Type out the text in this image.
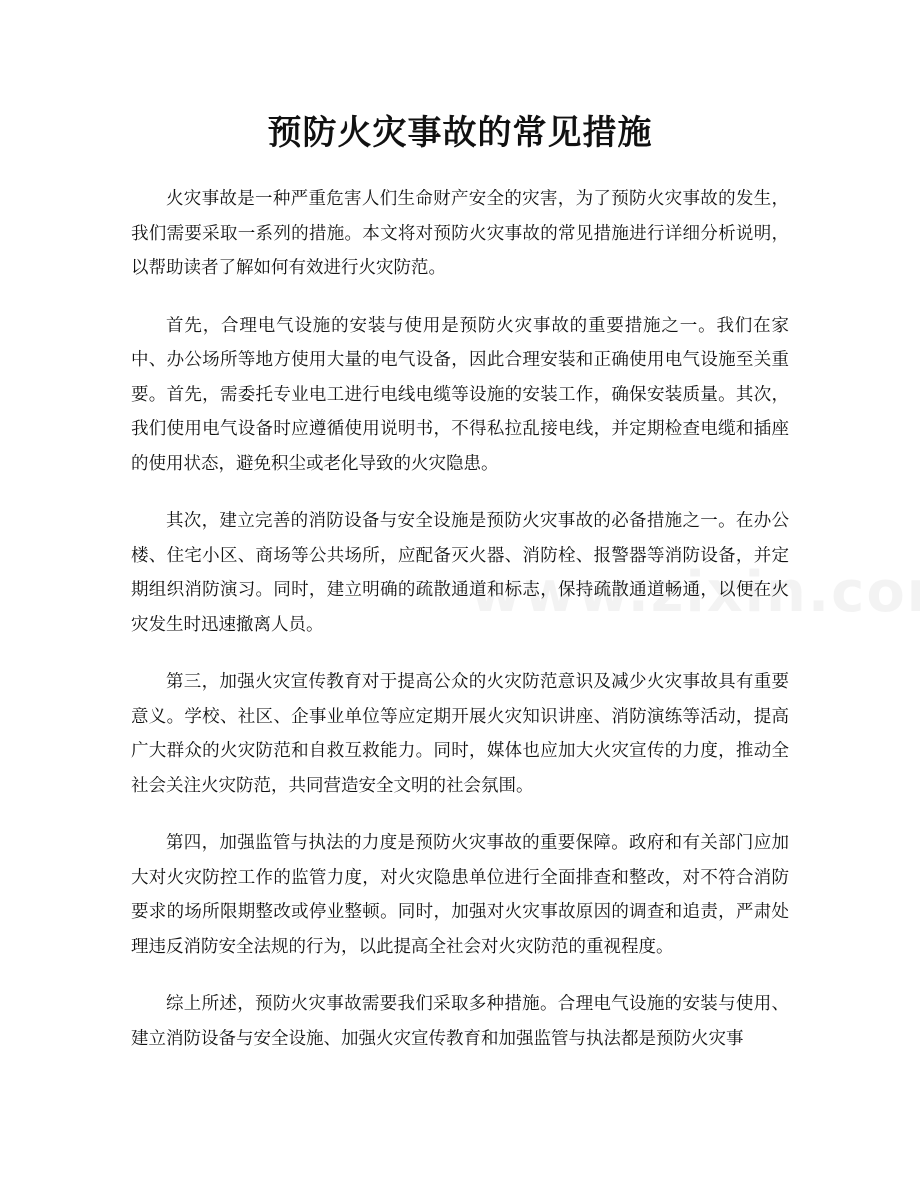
预防火灾事故的常见措施

火灾事故是一种严重危害人们生命财产安全的灾害，为了预防火灾事故的发生，我们需要采取一系列的措施。本文将对预防火灾事故的常见措施进行详细分析说明，以帮助读者了解如何有效进行火灾防范。

首先，合理电气设施的安装与使用是预防火灾事故的重要措施之一。我们在家中、办公场所等地方使用大量的电气设备，因此合理安装和正确使用电气设施至关重要。首先，需委托专业电工进行电线电缆等设施的安装工作，确保安装质量。其次，我们使用电气设备时应遵循使用说明书，不得私拉乱接电线，并定期检查电缆和插座的使用状态，避免积尘或老化导致的火灾隐患。

其次，建立完善的消防设备与安全设施是预防火灾事故的必备措施之一。在办公楼、住宅小区、商场等公共场所，应配备灭火器、消防栓、报警器等消防设备，并定期组织消防演习。同时，建立明确的疏散通道和标志，保持疏散通道畅通，以便在火灾发生时迅速撤离人员。

第三，加强火灾宣传教育对于提高公众的火灾防范意识及减少火灾事故具有重要意义。学校、社区、企事业单位等应定期开展火灾知识讲座、消防演练等活动，提高广大群众的火灾防范和自救互救能力。同时，媒体也应加大火灾宣传的力度，推动全社会关注火灾防范，共同营造安全文明的社会氛围。

第四，加强监管与执法的力度是预防火灾事故的重要保障。政府和有关部门应加大对火灾防控工作的监管力度，对火灾隐患单位进行全面排查和整改，对不符合消防要求的场所限期整改或停业整顿。同时，加强对火灾事故原因的调查和追责，严肃处理违反消防安全法规的行为，以此提高全社会对火灾防范的重视程度。

综上所述，预防火灾事故需要我们采取多种措施。合理电气设施的安装与使用、建立消防设备与安全设施、加强火灾宣传教育和加强监管与执法都是预防火灾事
